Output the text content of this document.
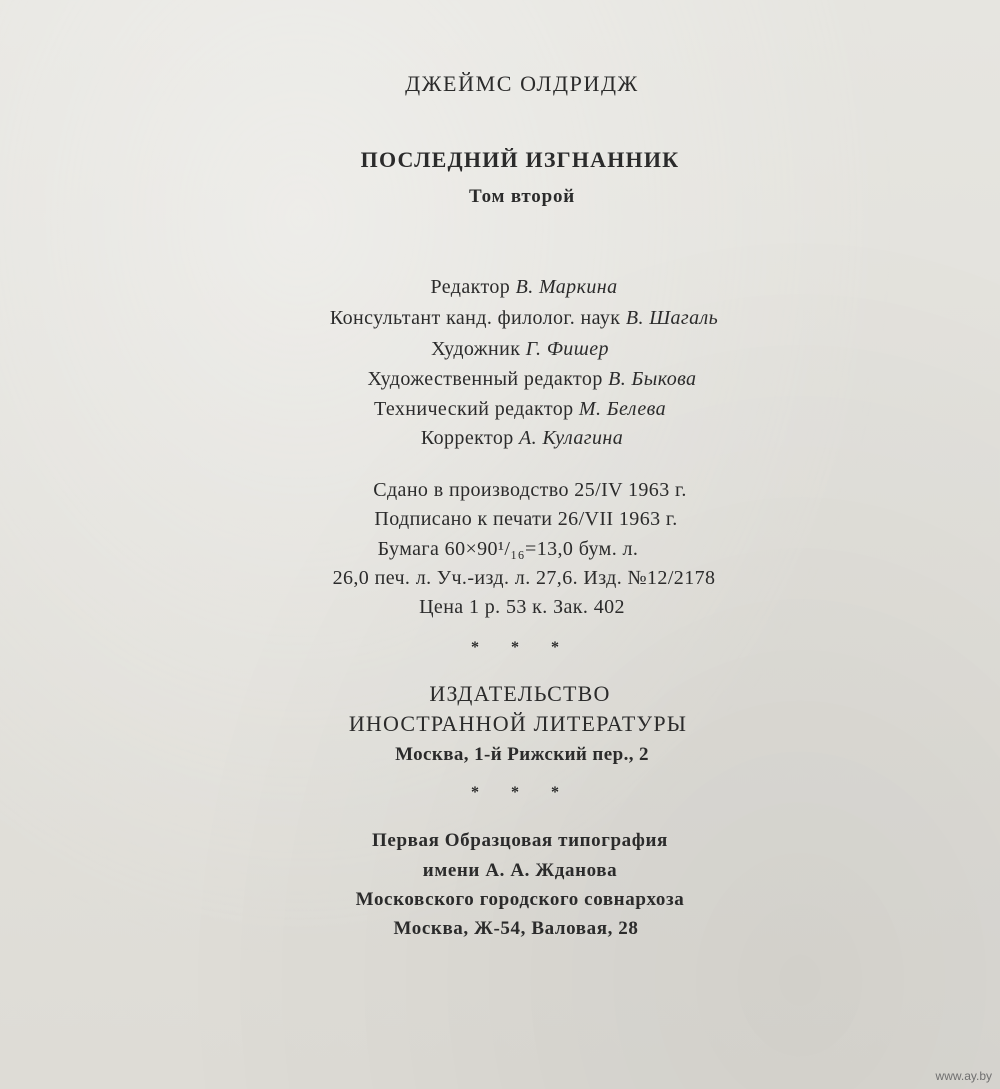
ДЖЕЙМС ОЛДРИДЖ
ПОСЛЕДНИЙ ИЗГНАННИК
Том второй
Редактор В. Маркина
Консультант канд. филолог. наук В. Шагаль
Художник Г. Фишер
Художественный редактор В. Быкова
Технический редактор М. Белева
Корректор А. Кулагина
Сдано в производство 25/IV 1963 г.
Подписано к печати 26/VII 1963 г.
Бумага 60×90¹/₁₆=13,0 бум. л.
26,0 печ. л. Уч.-изд. л. 27,6. Изд. №12/2178
Цена 1 р. 53 к. Зак. 402
* * *
ИЗДАТЕЛЬСТВО
ИНОСТРАННОЙ ЛИТЕРАТУРЫ
Москва, 1-й Рижский пер., 2
* * *
Первая Образцовая типография
имени А. А. Жданова
Московского городского совнархоза
Москва, Ж-54, Валовая, 28
www.ay.by
